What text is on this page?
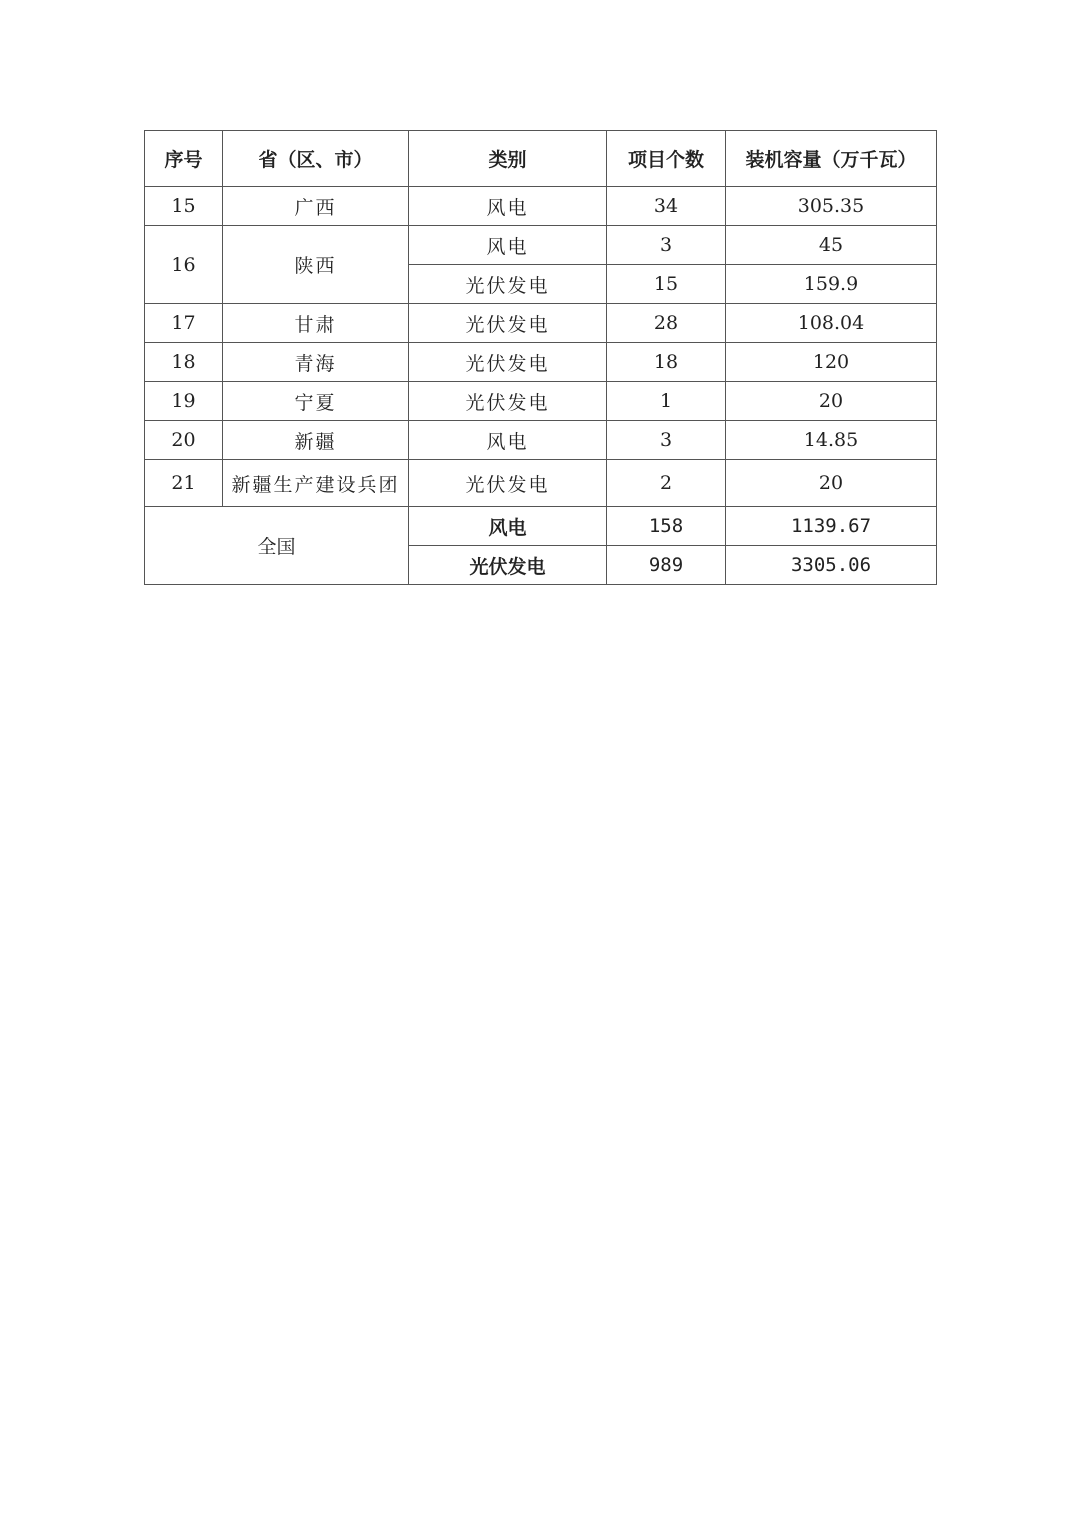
序号	省（区、市）	类别	项目个数	装机容量（万千瓦）
15	广西	风电	34	305.35
16	陕西	风电	3	45
		光伏发电	15	159.9
17	甘肃	光伏发电	28	108.04
18	青海	光伏发电	18	120
19	宁夏	光伏发电	1	20
20	新疆	风电	3	14.85
21	新疆生产建设兵团	光伏发电	2	20
全国		风电	158	1139.67
		光伏发电	989	3305.06
